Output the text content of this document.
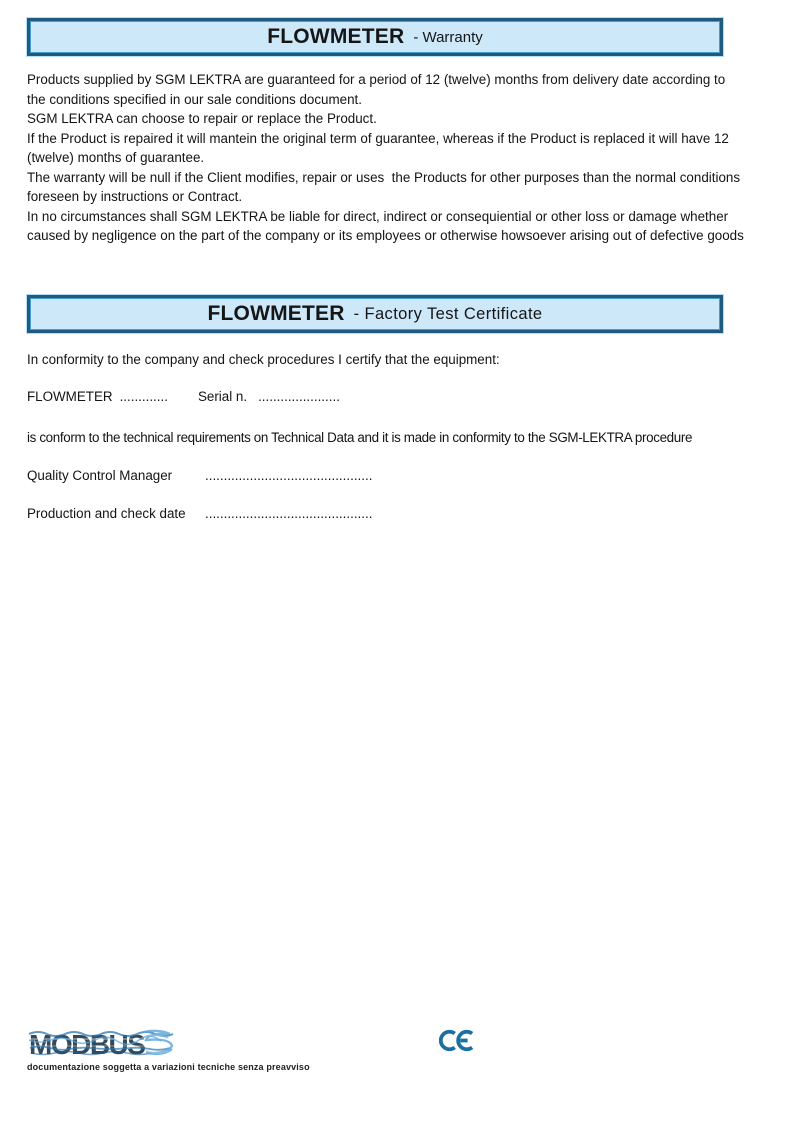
FLOWMETER - Warranty
Products supplied by SGM LEKTRA are guaranteed for a period of 12 (twelve) months from delivery date according to
the conditions specified in our sale conditions document.
SGM LEKTRA can choose to repair or replace the Product.
If the Product is repaired it will mantein the original term of guarantee, whereas if the Product is replaced it will have 12
(twelve) months of guarantee.
The warranty will be null if the Client modifies, repair or uses  the Products for other purposes than the normal conditions
foreseen by instructions or Contract.
In no circumstances shall SGM LEKTRA be liable for direct, indirect or consequiential or other loss or damage whether
caused by negligence on the part of the company or its employees or otherwise howsoever arising out of defective goods
FLOWMETER - Factory Test Certificate
In conformity to the company and check procedures I certify that the equipment:
FLOWMETER ............. Serial n. ......................
is conform to the technical requirements on Technical Data and it is made in conformity to the SGM-LEKTRA procedure
Quality Control Manager	.............................................
Production and check date	.............................................
MODBUS
documentazione soggetta a variazioni tecniche senza preavviso
